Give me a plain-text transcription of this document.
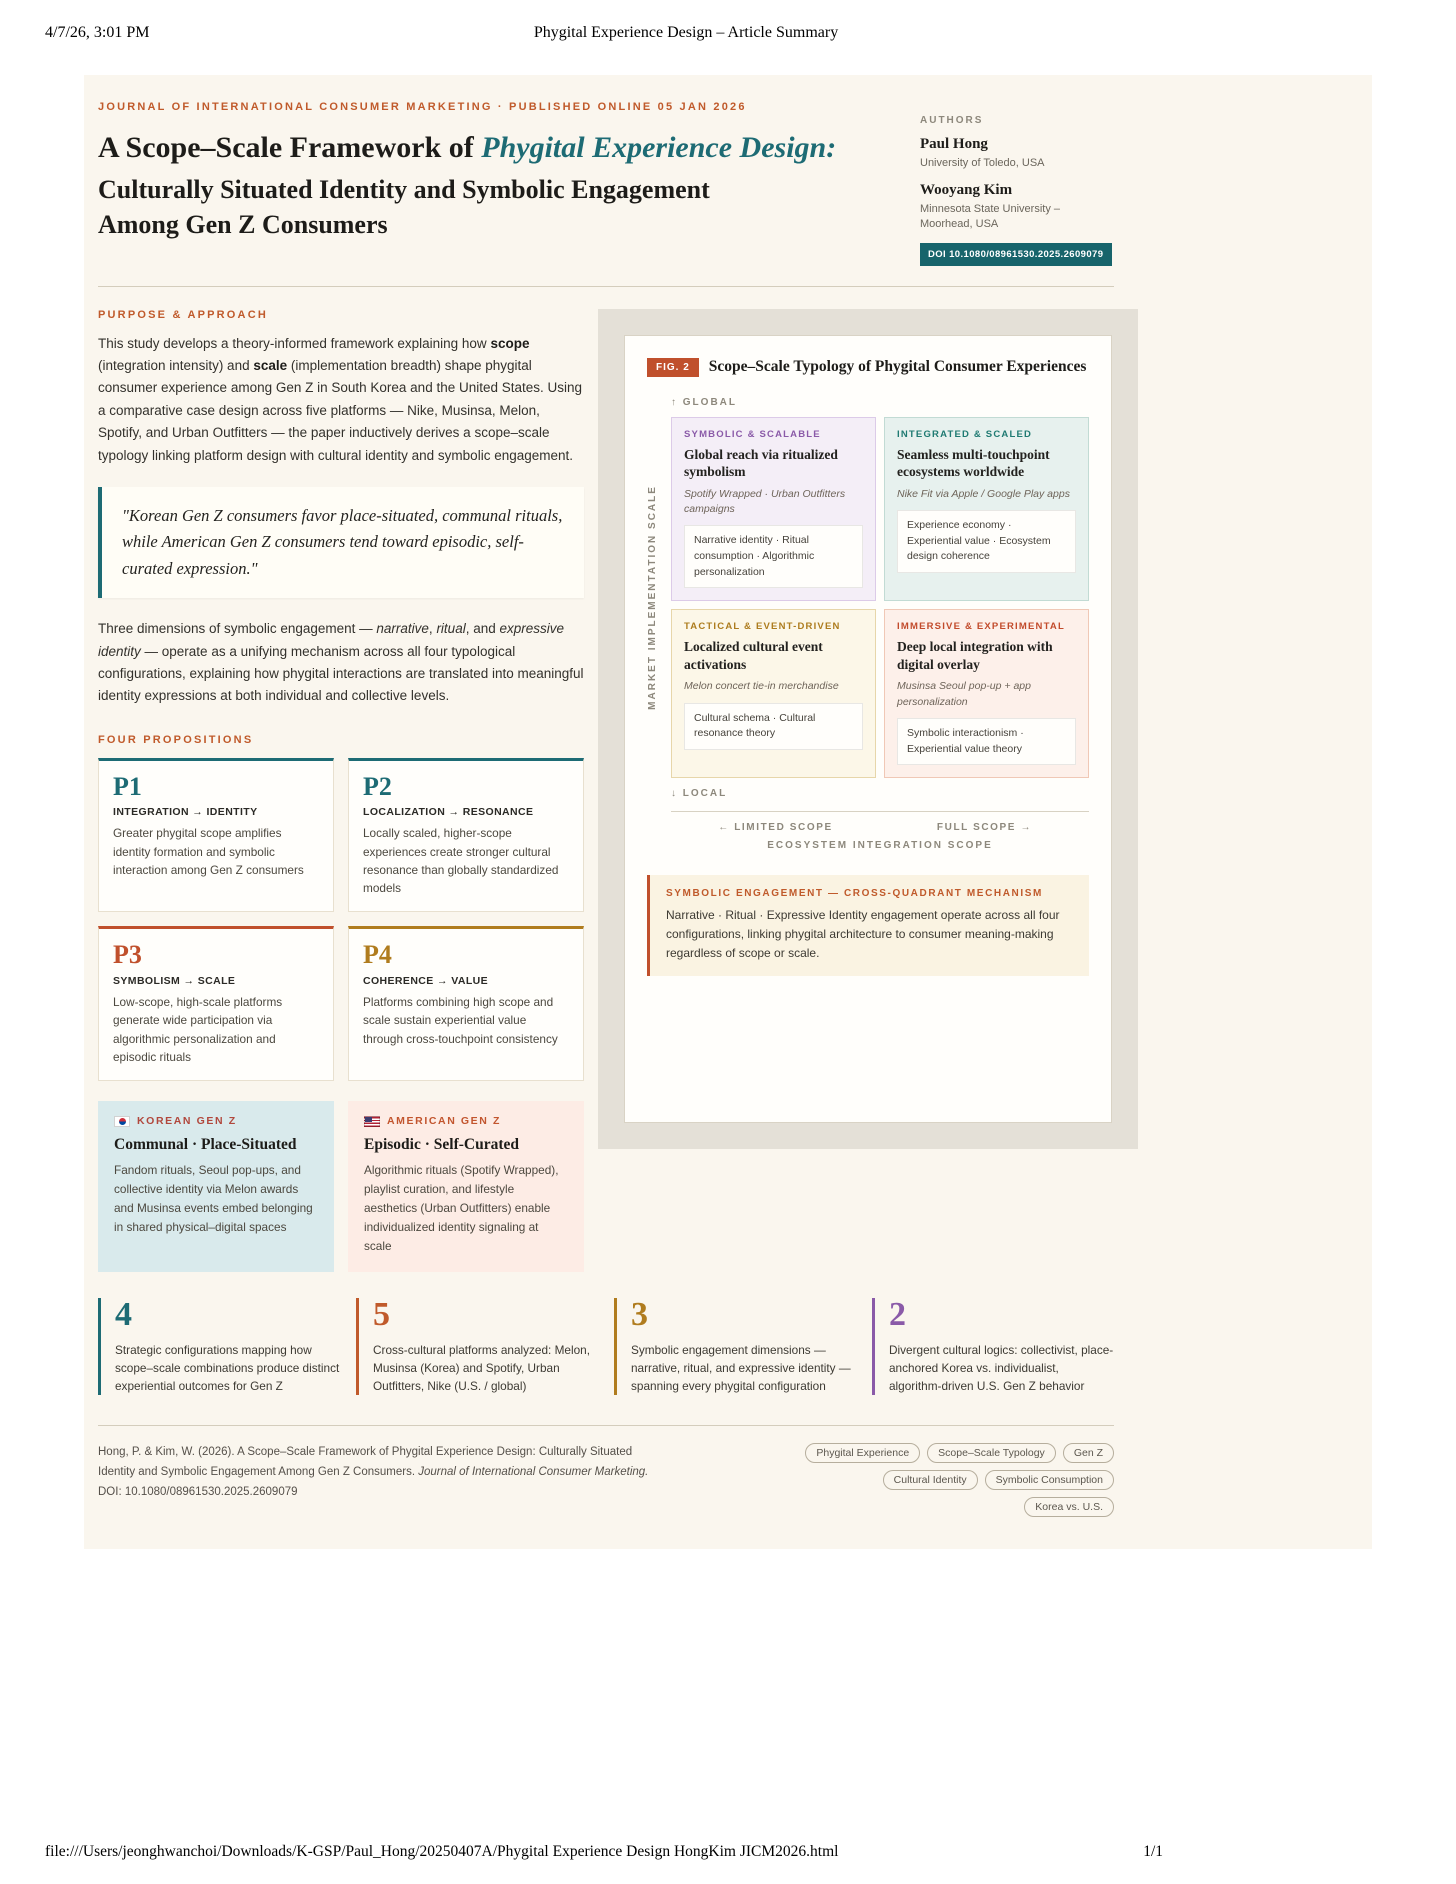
4/7/26, 3:01 PM	Phygital Experience Design – Article Summary
file:///Users/jeonghwanchoi/Downloads/K-GSP/Paul_Hong/20250407A/Phygital Experience Design HongKim JICM2026.html	1/1
JOURNAL OF INTERNATIONAL CONSUMER MARKETING · PUBLISHED ONLINE 05 JAN 2026
A Scope–Scale Framework of Phygital Experience Design:
Culturally Situated Identity and Symbolic Engagement Among Gen Z Consumers
AUTHORS
Paul Hong
University of Toledo, USA
Wooyang Kim
Minnesota State University – Moorhead, USA
DOI 10.1080/08961530.2025.2609079
PURPOSE & APPROACH

This study develops a theory-informed framework explaining how scope (integration intensity) and scale (implementation breadth) shape phygital consumer experience among Gen Z in South Korea and the United States. Using a comparative case design across five platforms — Nike, Musinsa, Melon, Spotify, and Urban Outfitters — the paper inductively derives a scope–scale typology linking platform design with cultural identity and symbolic engagement.

"Korean Gen Z consumers favor place-situated, communal rituals, while American Gen Z consumers tend toward episodic, self-curated expression."

Three dimensions of symbolic engagement — narrative, ritual, and expressive identity — operate as a unifying mechanism across all four typological configurations, explaining how phygital interactions are translated into meaningful identity expressions at both individual and collective levels.

FOUR PROPOSITIONS
P1
INTEGRATION → IDENTITY
Greater phygital scope amplifies identity formation and symbolic interaction among Gen Z consumers
P2
LOCALIZATION → RESONANCE
Locally scaled, higher-scope experiences create stronger cultural resonance than globally standardized models
P3
SYMBOLISM → SCALE
Low-scope, high-scale platforms generate wide participation via algorithmic personalization and episodic rituals
P4
COHERENCE → VALUE
Platforms combining high scope and scale sustain experiential value through cross-touchpoint consistency
KOREAN GEN Z
Communal · Place-Situated
Fandom rituals, Seoul pop-ups, and collective identity via Melon awards and Musinsa events embed belonging in shared physical–digital spaces
AMERICAN GEN Z
Episodic · Self-Curated
Algorithmic rituals (Spotify Wrapped), playlist curation, and lifestyle aesthetics (Urban Outfitters) enable individualized identity signaling at scale
FIG. 2	Scope–Scale Typology of Phygital Consumer Experiences
↑ GLOBAL
MARKET IMPLEMENTATION SCALE
SYMBOLIC & SCALABLE
Global reach via ritualized symbolism
Spotify Wrapped · Urban Outfitters campaigns
Narrative identity · Ritual consumption · Algorithmic personalization
INTEGRATED & SCALED
Seamless multi-touchpoint ecosystems worldwide
Nike Fit via Apple / Google Play apps
Experience economy · Experiential value · Ecosystem design coherence
TACTICAL & EVENT-DRIVEN
Localized cultural event activations
Melon concert tie-in merchandise
Cultural schema · Cultural resonance theory
IMMERSIVE & EXPERIMENTAL
Deep local integration with digital overlay
Musinsa Seoul pop-up + app personalization
Symbolic interactionism · Experiential value theory
↓ LOCAL
← LIMITED SCOPE	FULL SCOPE →
ECOSYSTEM INTEGRATION SCOPE
SYMBOLIC ENGAGEMENT — CROSS-QUADRANT MECHANISM
Narrative · Ritual · Expressive Identity engagement operate across all four configurations, linking phygital architecture to consumer meaning-making regardless of scope or scale.
4
Strategic configurations mapping how scope–scale combinations produce distinct experiential outcomes for Gen Z
5
Cross-cultural platforms analyzed: Melon, Musinsa (Korea) and Spotify, Urban Outfitters, Nike (U.S. / global)
3
Symbolic engagement dimensions — narrative, ritual, and expressive identity — spanning every phygital configuration
2
Divergent cultural logics: collectivist, place-anchored Korea vs. individualist, algorithm-driven U.S. Gen Z behavior
Hong, P. & Kim, W. (2026). A Scope–Scale Framework of Phygital Experience Design: Culturally Situated Identity and Symbolic Engagement Among Gen Z Consumers. Journal of International Consumer Marketing. DOI: 10.1080/08961530.2025.2609079
Phygital Experience	Scope–Scale Typology	Gen Z
Cultural Identity	Symbolic Consumption
Korea vs. U.S.
